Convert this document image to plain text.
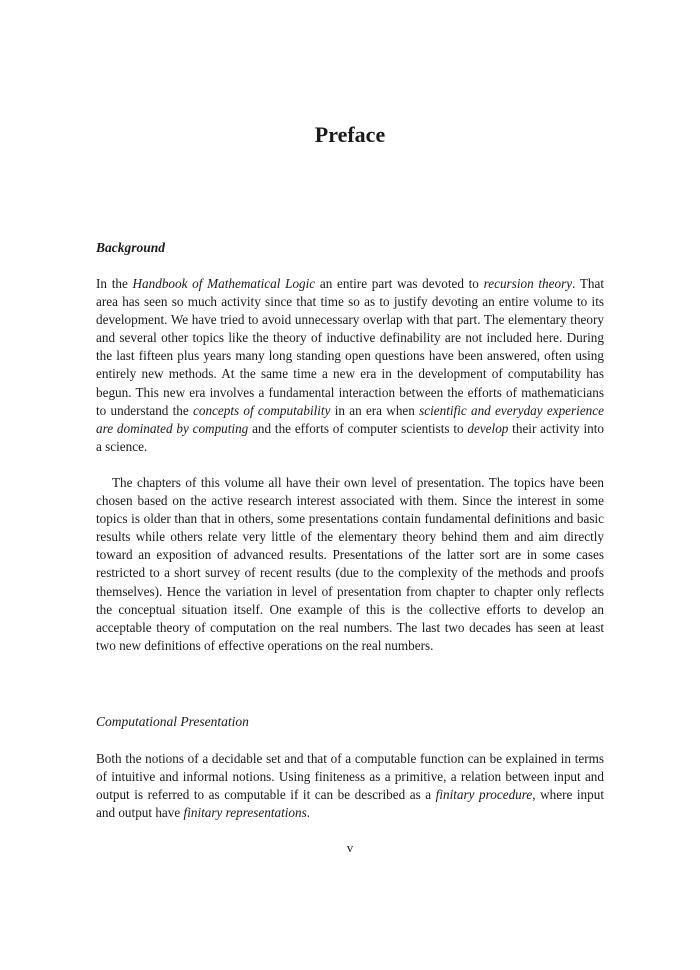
Preface
Background

In the Handbook of Mathematical Logic an entire part was devoted to recursion theory. That area has seen so much activity since that time so as to justify devoting an entire volume to its development. We have tried to avoid unnecessary overlap with that part. The elementary theory and several other topics like the theory of inductive definability are not included here. During the last fifteen plus years many long standing open questions have been answered, often using entirely new methods. At the same time a new era in the development of computability has begun. This new era involves a fundamental interaction between the efforts of mathematicians to understand the concepts of computability in an era when scientific and everyday experience are dominated by computing and the efforts of computer scientists to develop their activity into a science.

The chapters of this volume all have their own level of presentation. The topics have been chosen based on the active research interest associated with them. Since the interest in some topics is older than that in others, some presentations contain fundamental definitions and basic results while others relate very little of the elementary theory behind them and aim directly toward an exposition of advanced results. Presentations of the latter sort are in some cases restricted to a short survey of recent results (due to the complexity of the methods and proofs themselves). Hence the variation in level of presentation from chapter to chapter only reflects the conceptual situation itself. One example of this is the collective efforts to develop an acceptable theory of computation on the real numbers. The last two decades has seen at least two new definitions of effective operations on the real numbers.

Computational Presentation

Both the notions of a decidable set and that of a computable function can be explained in terms of intuitive and informal notions. Using finiteness as a primitive, a relation between input and output is referred to as computable if it can be described as a finitary procedure, where input and output have finitary representations.

v
